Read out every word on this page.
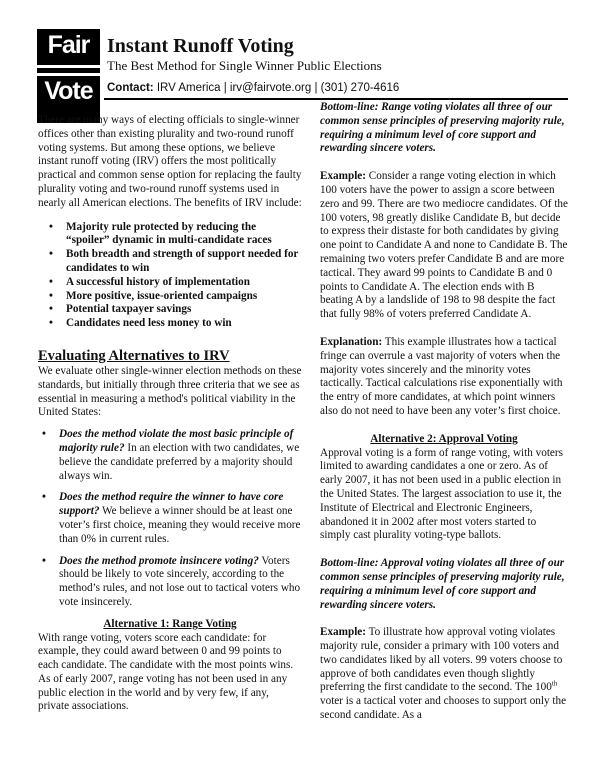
Fair
Vote
Instant Runoff Voting
The Best Method for Single Winner Public Elections
Contact: IRV America | irv@fairvote.org | (301) 270-4616

There are many ways of electing officials to single-winner offices other than existing plurality and two-round runoff voting systems. But among these options, we believe instant runoff voting (IRV) offers the most politically practical and common sense option for replacing the faulty plurality voting and two-round runoff systems used in nearly all American elections. The benefits of IRV include:

• Majority rule protected by reducing the “spoiler” dynamic in multi-candidate races
• Both breadth and strength of support needed for candidates to win
• A successful history of implementation
• More positive, issue-oriented campaigns
• Potential taxpayer savings
• Candidates need less money to win
Evaluating Alternatives to IRV

We evaluate other single-winner election methods on these standards, but initially through three criteria that we see as essential in measuring a method's political viability in the United States:

• Does the method violate the most basic principle of majority rule? In an election with two candidates, we believe the candidate preferred by a majority should always win.
• Does the method require the winner to have core support? We believe a winner should be at least one voter’s first choice, meaning they would receive more than 0% in current rules.
• Does the method promote insincere voting? Voters should be likely to vote sincerely, according to the method’s rules, and not lose out to tactical voters who vote insincerely.
Alternative 1: Range Voting

With range voting, voters score each candidate: for example, they could award between 0 and 99 points to each candidate. The candidate with the most points wins. As of early 2007, range voting has not been used in any public election in the world and by very few, if any, private associations.

Bottom-line: Range voting violates all three of our common sense principles of preserving majority rule, requiring a minimum level of core support and rewarding sincere voters.

Example: Consider a range voting election in which 100 voters have the power to assign a score between zero and 99. There are two mediocre candidates. Of the 100 voters, 98 greatly dislike Candidate B, but decide to express their distaste for both candidates by giving one point to Candidate A and none to Candidate B. The remaining two voters prefer Candidate B and are more tactical. They award 99 points to Candidate B and 0 points to Candidate A. The election ends with B beating A by a landslide of 198 to 98 despite the fact that fully 98% of voters preferred Candidate A.

Explanation: This example illustrates how a tactical fringe can overrule a vast majority of voters when the majority votes sincerely and the minority votes tactically. Tactical calculations rise exponentially with the entry of more candidates, at which point winners also do not need to have been any voter’s first choice.

Alternative 2: Approval Voting

Approval voting is a form of range voting, with voters limited to awarding candidates a one or zero. As of early 2007, it has not been used in a public election in the United States. The largest association to use it, the Institute of Electrical and Electronic Engineers, abandoned it in 2002 after most voters started to simply cast plurality voting-type ballots.

Bottom-line: Approval voting violates all three of our common sense principles of preserving majority rule, requiring a minimum level of core support and rewarding sincere voters.

Example: To illustrate how approval voting violates majority rule, consider a primary with 100 voters and two candidates liked by all voters. 99 voters choose to approve of both candidates even though slightly preferring the first candidate to the second. The 100th voter is a tactical voter and chooses to support only the second candidate. As a
